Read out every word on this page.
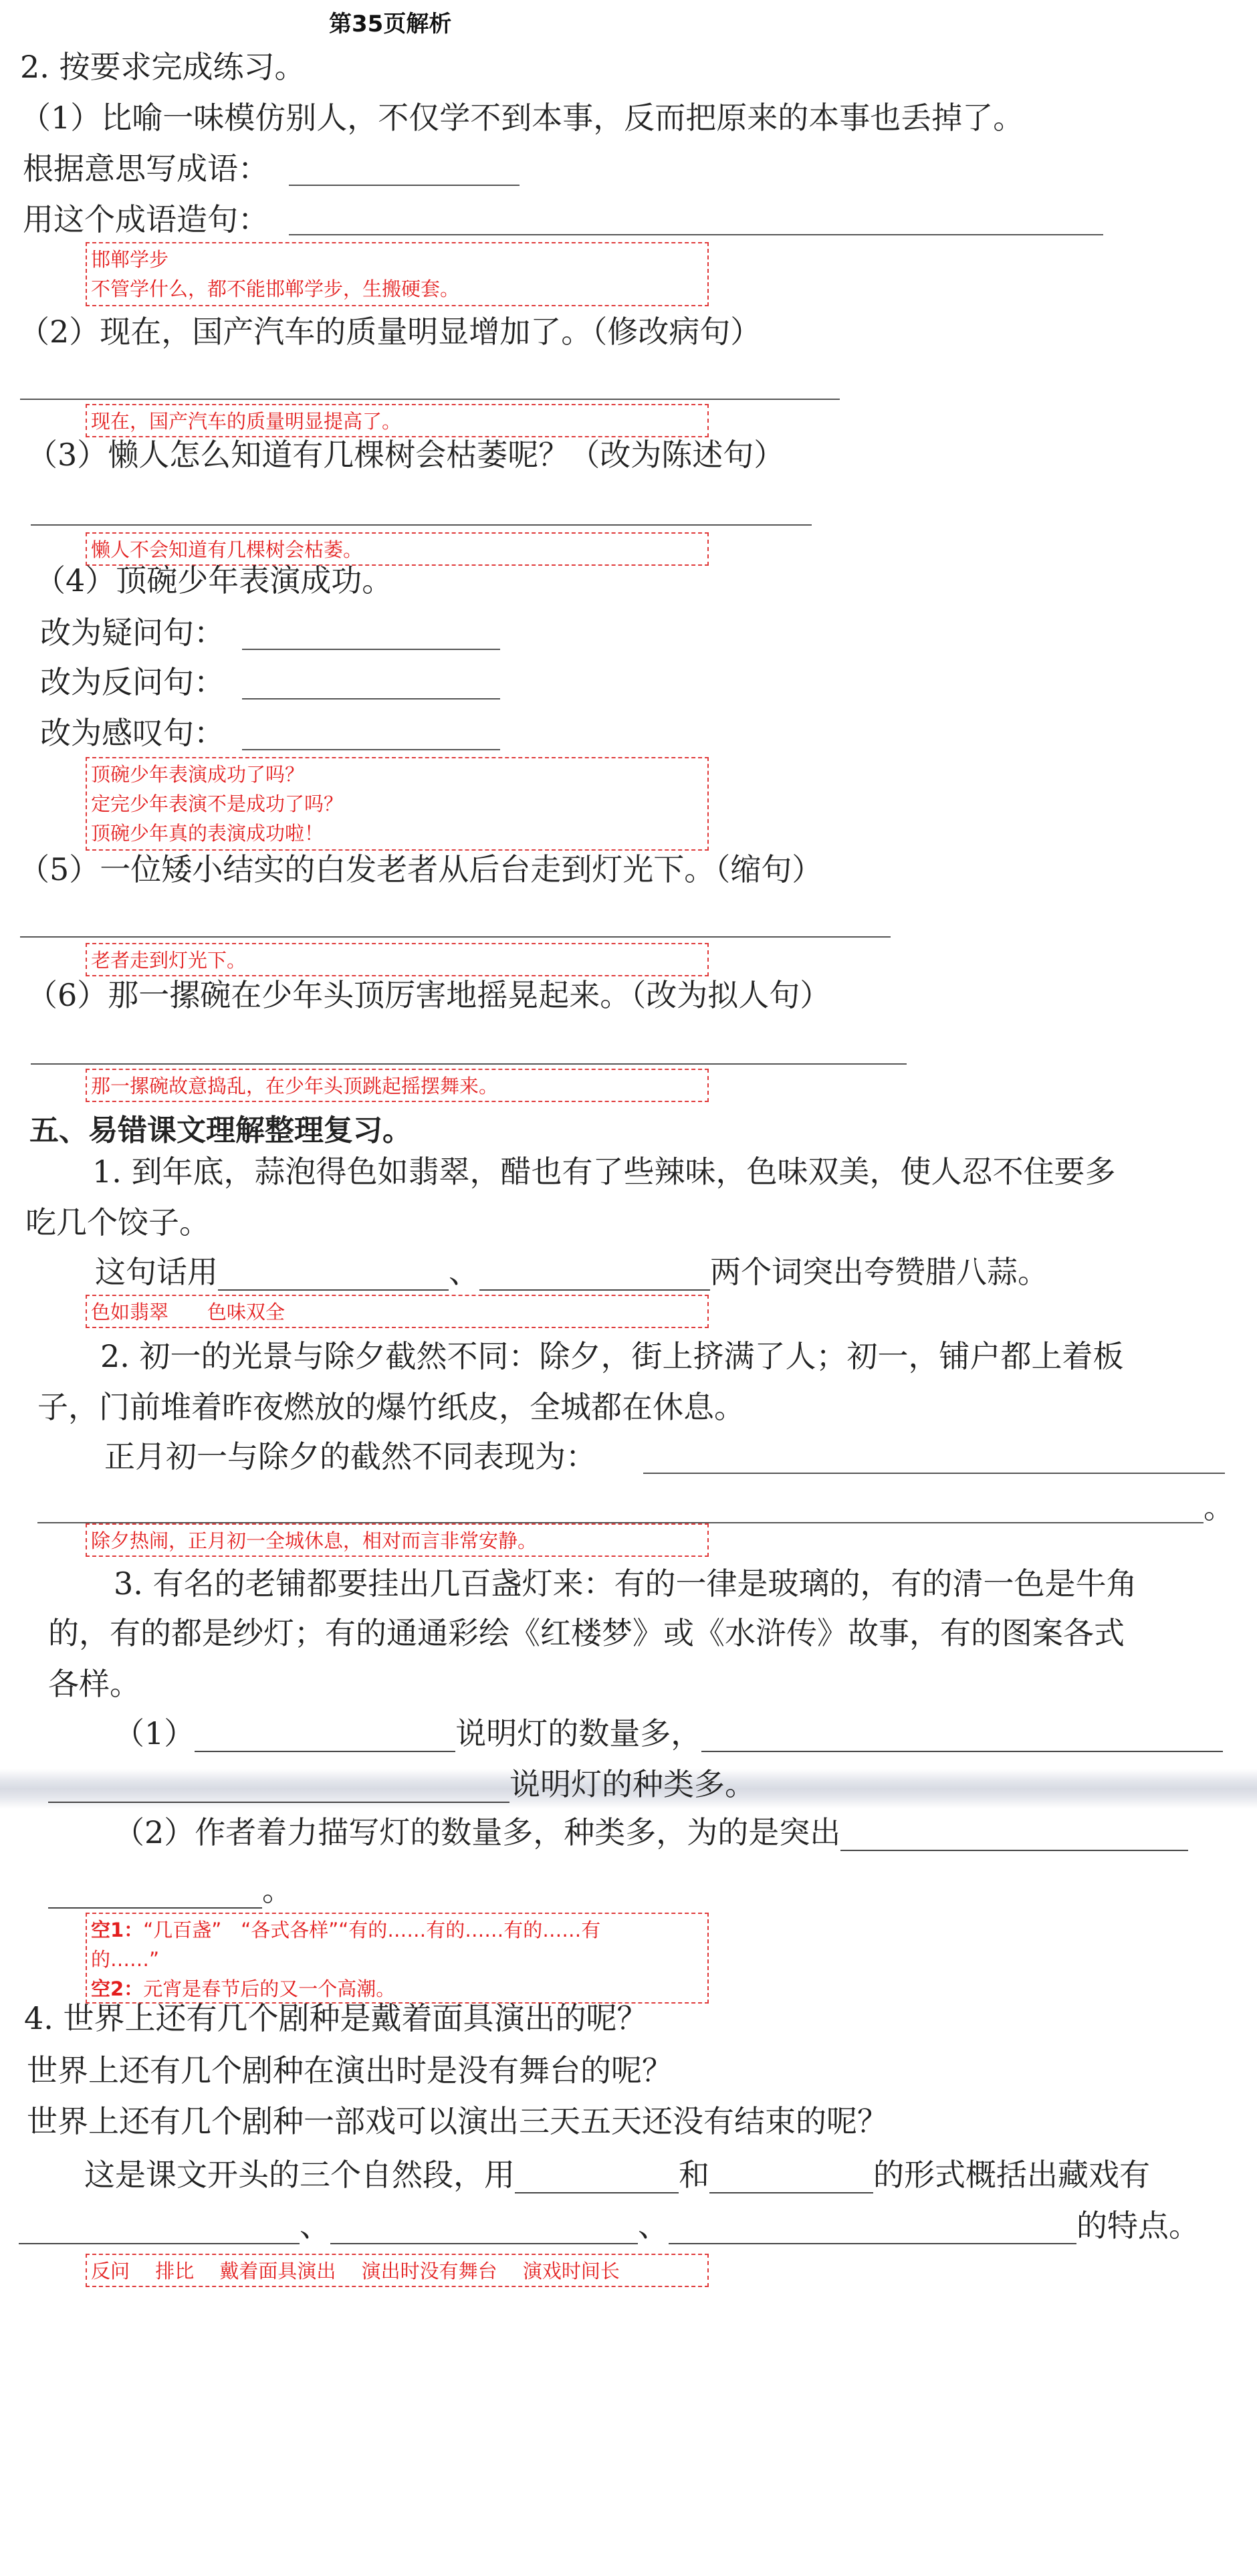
第35页解析
2. 按要求完成练习。
（1）比喻一味模仿别人，不仅学不到本事，反而把原来的本事也丢掉了。
根据意思写成语：
用这个成语造句：
邯郸学步
不管学什么，都不能邯郸学步，生搬硬套。
（2）现在，国产汽车的质量明显增加了。（修改病句）
现在，国产汽车的质量明显提高了。
（3）懒人怎么知道有几棵树会枯萎呢？（改为陈述句）
懒人不会知道有几棵树会枯萎。
（4）顶碗少年表演成功。
改为疑问句：
改为反问句：
改为感叹句：
顶碗少年表演成功了吗？
定完少年表演不是成功了吗？
顶碗少年真的表演成功啦！
（5）一位矮小结实的白发老者从后台走到灯光下。（缩句）
老者走到灯光下。
（6）那一摞碗在少年头顶厉害地摇晃起来。（改为拟人句）
那一摞碗故意捣乱，在少年头顶跳起摇摆舞来。
五、易错课文理解整理复习。
1. 到年底，蒜泡得色如翡翠，醋也有了些辣味，色味双美，使人忍不住要多
吃几个饺子。
这句话用	、	两个词突出夸赞腊八蒜。
色如翡翠　　色味双全
2. 初一的光景与除夕截然不同：除夕，街上挤满了人；初一，铺户都上着板
子，门前堆着昨夜燃放的爆竹纸皮，全城都在休息。
正月初一与除夕的截然不同表现为：
。
除夕热闹，正月初一全城休息，相对而言非常安静。
3. 有名的老铺都要挂出几百盏灯来：有的一律是玻璃的，有的清一色是牛角
的，有的都是纱灯；有的通通彩绘《红楼梦》或《水浒传》故事，有的图案各式
各样。
（1）	说明灯的数量多，
说明灯的种类多。
（2）作者着力描写灯的数量多，种类多，为的是突出
。
空1：“几百盏”　“各式各样”“有的……有的……有的……有
的……”
空2：元宵是春节后的又一个高潮。
4. 世界上还有几个剧种是戴着面具演出的呢？
世界上还有几个剧种在演出时是没有舞台的呢？
世界上还有几个剧种一部戏可以演出三天五天还没有结束的呢？
这是课文开头的三个自然段，用	和	的形式概括出藏戏有
、	、	的特点。
反问　 排比　 戴着面具演出　 演出时没有舞台　 演戏时间长
